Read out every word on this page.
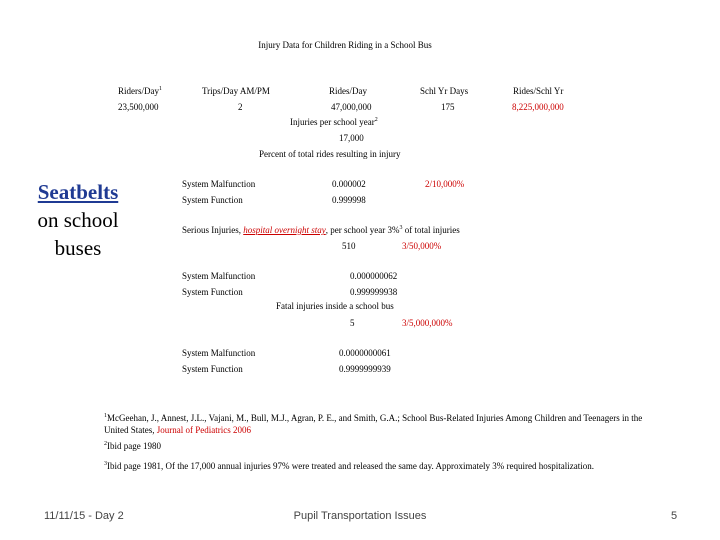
Injury Data for Children Riding in a School Bus
Riders/Day$^1$	Trips/Day AM/PM	Rides/Day	Schl Yr Days	Rides/Schl Yr
23,500,000	2	47,000,000	175	8,225,000,000
Injuries per school year$^2$
17,000
Percent of total rides resulting in injury
Seatbelts
on school buses
System Malfunction	0.000002	2/10,000%
System Function	0.999998
Serious Injuries, hospital overnight stay, per school year 3%$^3$ of total injuries
510	3/50,000%
System Malfunction	0.000000062
System Function	0.999999938
Fatal injuries inside a school bus
5	3/5,000,000%
System Malfunction	0.0000000061
System Function	0.9999999939
$^1$McGeehan, J., Annest, J.L., Vajani, M., Bull, M.J., Agran, P. E., and Smith, G.A.; School Bus-Related Injuries Among Children and Teenagers in the United States, Journal of Pediatrics 2006
$^2$Ibid page 1980
$^3$Ibid page 1981, Of the 17,000 annual injuries 97% were treated and released the same day. Approximately 3% required hospitalization.
11/11/15 - Day 2	Pupil Transportation Issues	5
